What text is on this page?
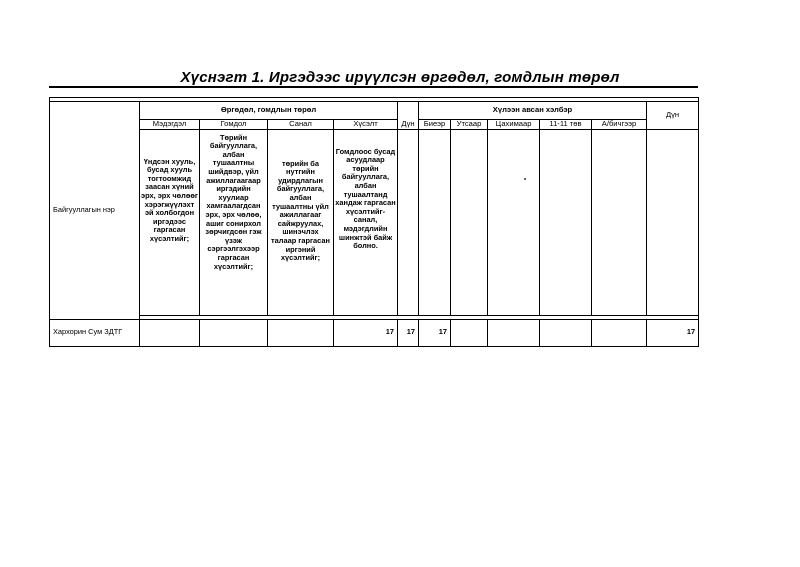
Хүснэгт 1. Иргэдээс ирүүлсэн өргөдөл, гомдлын төрөл

Байгууллагын нэр	Өргөдөл, гомдлын төрөл				Дүн	Хүлээн авсан хэлбэр					Дүн
	Мэдэгдэл	Гомдол	Санал	Хүсэлт		Биеэр	Утсаар	Цахимаар	11-11 төв	А/бичгээр	
	Үндсэн хууль, бусад хууль тогтоомжид заасан хүний эрх, эрх чөлөөг хэрэгжүүлэхт эй холбогдон иргэдээс гаргасан хүсэлтийг;	Төрийн байгууллага, албан тушаалтны шийдвэр, үйл ажиллагаагаар иргэдийн хуулиар хамгаалагдсан эрх, эрх чөлөө, ашиг сонирхол зөрчигдсөн гэж үзэж сэргээлгэхээр гаргасан хүсэлтийг;	төрийн ба нутгийн удирдлагын байгууллага, албан тушаалтны үйл ажиллагааг сайжруулах, шинэчлэх талаар гаргасан иргэний хүсэлтийг;	Гомдлоос бусад асуудлаар төрийн байгууллага, албан тушаалтанд хандаж гаргасан хүсэлтийг- санал, мэдэгдлийн шинжтэй байж болно.							

Хархорин Сум ЗДТГ				17	17	17					17
